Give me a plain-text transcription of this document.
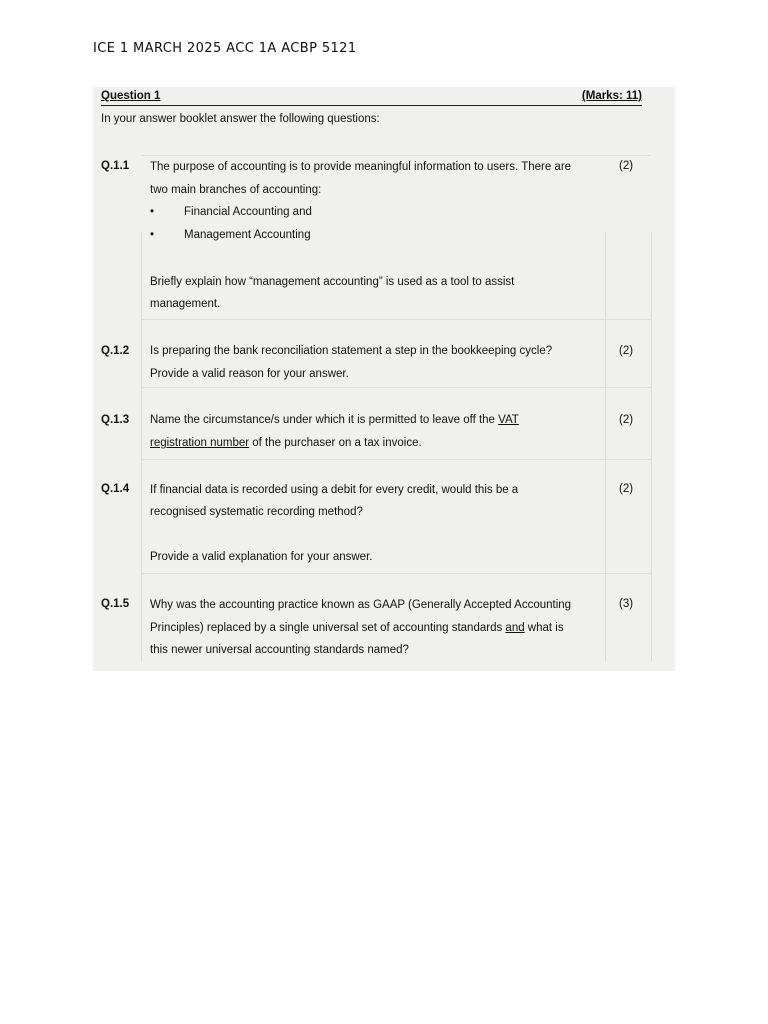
ICE 1 MARCH 2025 ACC 1A ACBP 5121
Question 1	(Marks: 11)
In your answer booklet answer the following questions:
Q.1.1 The purpose of accounting is to provide meaningful information to users. There are	(2)
two main branches of accounting:
•	Financial Accounting and
•	Management Accounting
Briefly explain how “management accounting” is used as a tool to assist
management.
Q.1.2 Is preparing the bank reconciliation statement a step in the bookkeeping cycle?	(2)
Provide a valid reason for your answer.
Q.1.3 Name the circumstance/s under which it is permitted to leave off the VAT	(2)
registration number of the purchaser on a tax invoice.
Q.1.4 If financial data is recorded using a debit for every credit, would this be a	(2)
recognised systematic recording method?
Provide a valid explanation for your answer.
Q.1.5 Why was the accounting practice known as GAAP (Generally Accepted Accounting	(3)
Principles) replaced by a single universal set of accounting standards and what is
this newer universal accounting standards named?
